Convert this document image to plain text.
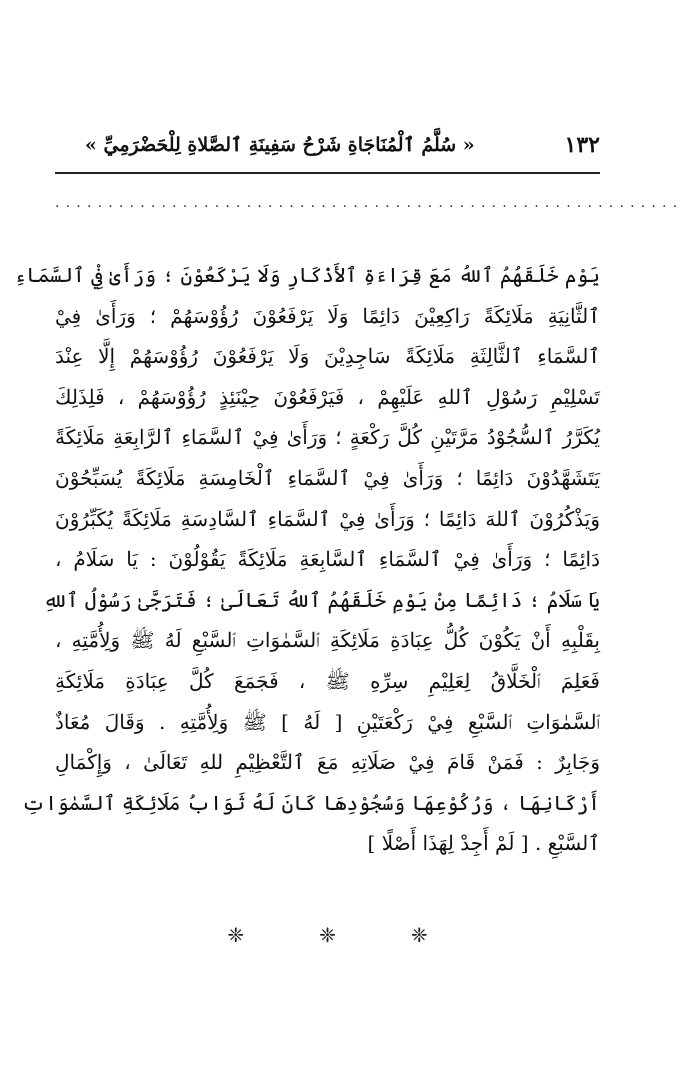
١٣٢
« سُلَّمُ ٱلْمُنَاجَاةِ شَرْحُ سَفِينَةِ ٱلصَّلاةِ لِلْحَضْرَمِيِّ »
...........................................................
يَوْم خَلَقَهُمُ ٱللهُ مَعَ قِرَاءَةِ ٱلأَذْكَارِ وَلَا يَرْكَعُوْنَ ؛ وَرَأَىٰ فِيْ ٱلسَّمَاءِ
ٱلثَّانِيَةِ مَلَائِكَةً رَاكِعِيْنَ دَائِمًا وَلَا يَرْفَعُوْنَ رُؤُوْسَهُمْ ؛ وَرَأَىٰ فِيْ
ٱلسَّمَاءِ ٱلثَّالِثَةِ مَلَائِكَةً سَاجِدِيْنَ وَلَا يَرْفَعُوْنَ رُؤُوْسَهُمْ إِلَّا عِنْدَ
تَسْلِيْمِ رَسُوْلِ ٱللهِ عَلَيْهِمْ ، فَيَرْفَعُوْنَ حِيْنَئِذٍ رُؤُوْسَهُمْ ، فَلِذَلِكَ
يُكَرَّرُ ٱلسُّجُوْدُ مَرَّتَيْنِ كُلَّ رَكْعَةٍ ؛ وَرَأَىٰ فِيْ ٱلسَّمَاءِ ٱلرَّابِعَةِ مَلَائِكَةً
يَتَشَهَّدُوْنَ دَائِمًا ؛ وَرَأَىٰ فِيْ ٱلسَّمَاءِ ٱلْخَامِسَةِ مَلَائِكَةً يُسَبِّحُوْنَ
وَيَذْكُرُوْنَ ٱللهَ دَائِمًا ؛ وَرَأَىٰ فِيْ ٱلسَّمَاءِ ٱلسَّادِسَةِ مَلَائِكَةً يُكَبِّرُوْنَ
دَائِمًا ؛ وَرَأَىٰ فِيْ ٱلسَّمَاءِ ٱلسَّابِعَةِ مَلَائِكَةً يَقُوْلُوْنَ : يَا سَلَامُ ،
يَا سَلَامُ ؛ دَائِمًا مِنْ يَوْمِ خَلَقَهُمُ ٱللهُ تَعَالَىٰ ؛ فَتَرَجَّىٰ رَسُوْلُ ٱللهِ
بِقَلْبِهِ أَنْ يَكُوْنَ كُلُّ عِبَادَةِ مَلَائِكَةِ ٱلسَّمٰوَاتِ ٱلسَّبْعِ لَهُ ﷺ وَلِأُمَّتِهِ ،
فَعَلِمَ ٱلْخَلَّاقُ لِعَلِيْمِ سِرِّهِ ﷺ ، فَجَمَعَ كُلَّ عِبَادَةِ مَلَائِكَةِ
ٱلسَّمٰوَاتِ ٱلسَّبْعِ فِيْ رَكْعَتَيْنِ [ لَهُ ] ﷺ وَلِأُمَّتِهِ . وَقَالَ مُعَاذٌ
وَجَابِرٌ : فَمَنْ قَامَ فِيْ صَلَاتِهِ مَعَ ٱلتَّعْظِيْمِ للهِ تَعَالَىٰ ، وَإِكْمَالِ
أَرْكَانِهَا ، وَرُكُوْعِهَا وَسُجُوْدِهَا كَانَ لَهُ ثَوَابُ مَلَائِكَةِ ٱلسَّمٰوَاتِ
ٱلسَّبْعِ . [ لَمْ أَجِدْ لِهَذَا أَصْلًا ]
❈
❈
❈
